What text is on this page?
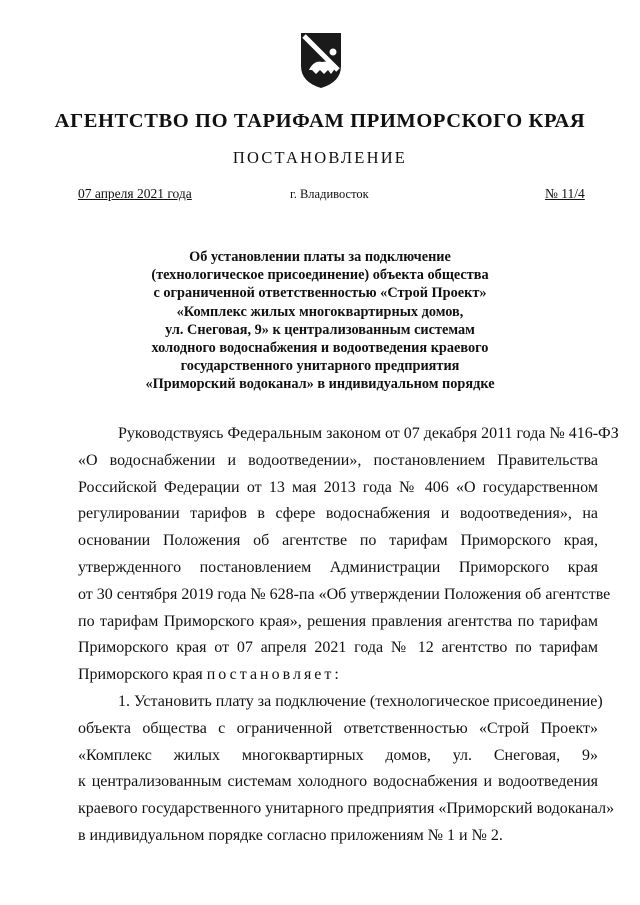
АГЕНТСТВО ПО ТАРИФАМ ПРИМОРСКОГО КРАЯ
ПОСТАНОВЛЕНИЕ
07 апреля 2021 года	г. Владивосток	№ 11/4
Об установлении платы за подключение
(технологическое присоединение) объекта общества
с ограниченной ответственностью «Строй Проект»
«Комплекс жилых многоквартирных домов,
ул. Снеговая, 9» к централизованным системам
холодного водоснабжения и водоотведения краевого
государственного унитарного предприятия
«Приморский водоканал» в индивидуальном порядке
Руководствуясь Федеральным законом от 07 декабря 2011 года № 416-ФЗ
«О водоснабжении и водоотведении», постановлением Правительства
Российской Федерации от 13 мая 2013 года № 406 «О государственном
регулировании тарифов в сфере водоснабжения и водоотведения», на
основании Положения об агентстве по тарифам Приморского края,
утвержденного постановлением Администрации Приморского края
от 30 сентября 2019 года № 628-па «Об утверждении Положения об агентстве
по тарифам Приморского края», решения правления агентства по тарифам
Приморского края от 07 апреля 2021 года № 12 агентство по тарифам
Приморского края постановляет:
1. Установить плату за подключение (технологическое присоединение)
объекта общества с ограниченной ответственностью «Строй Проект»
«Комплекс жилых многоквартирных домов, ул. Снеговая, 9»
к централизованным системам холодного водоснабжения и водоотведения
краевого государственного унитарного предприятия «Приморский водоканал»
в индивидуальном порядке согласно приложениям № 1 и № 2.
